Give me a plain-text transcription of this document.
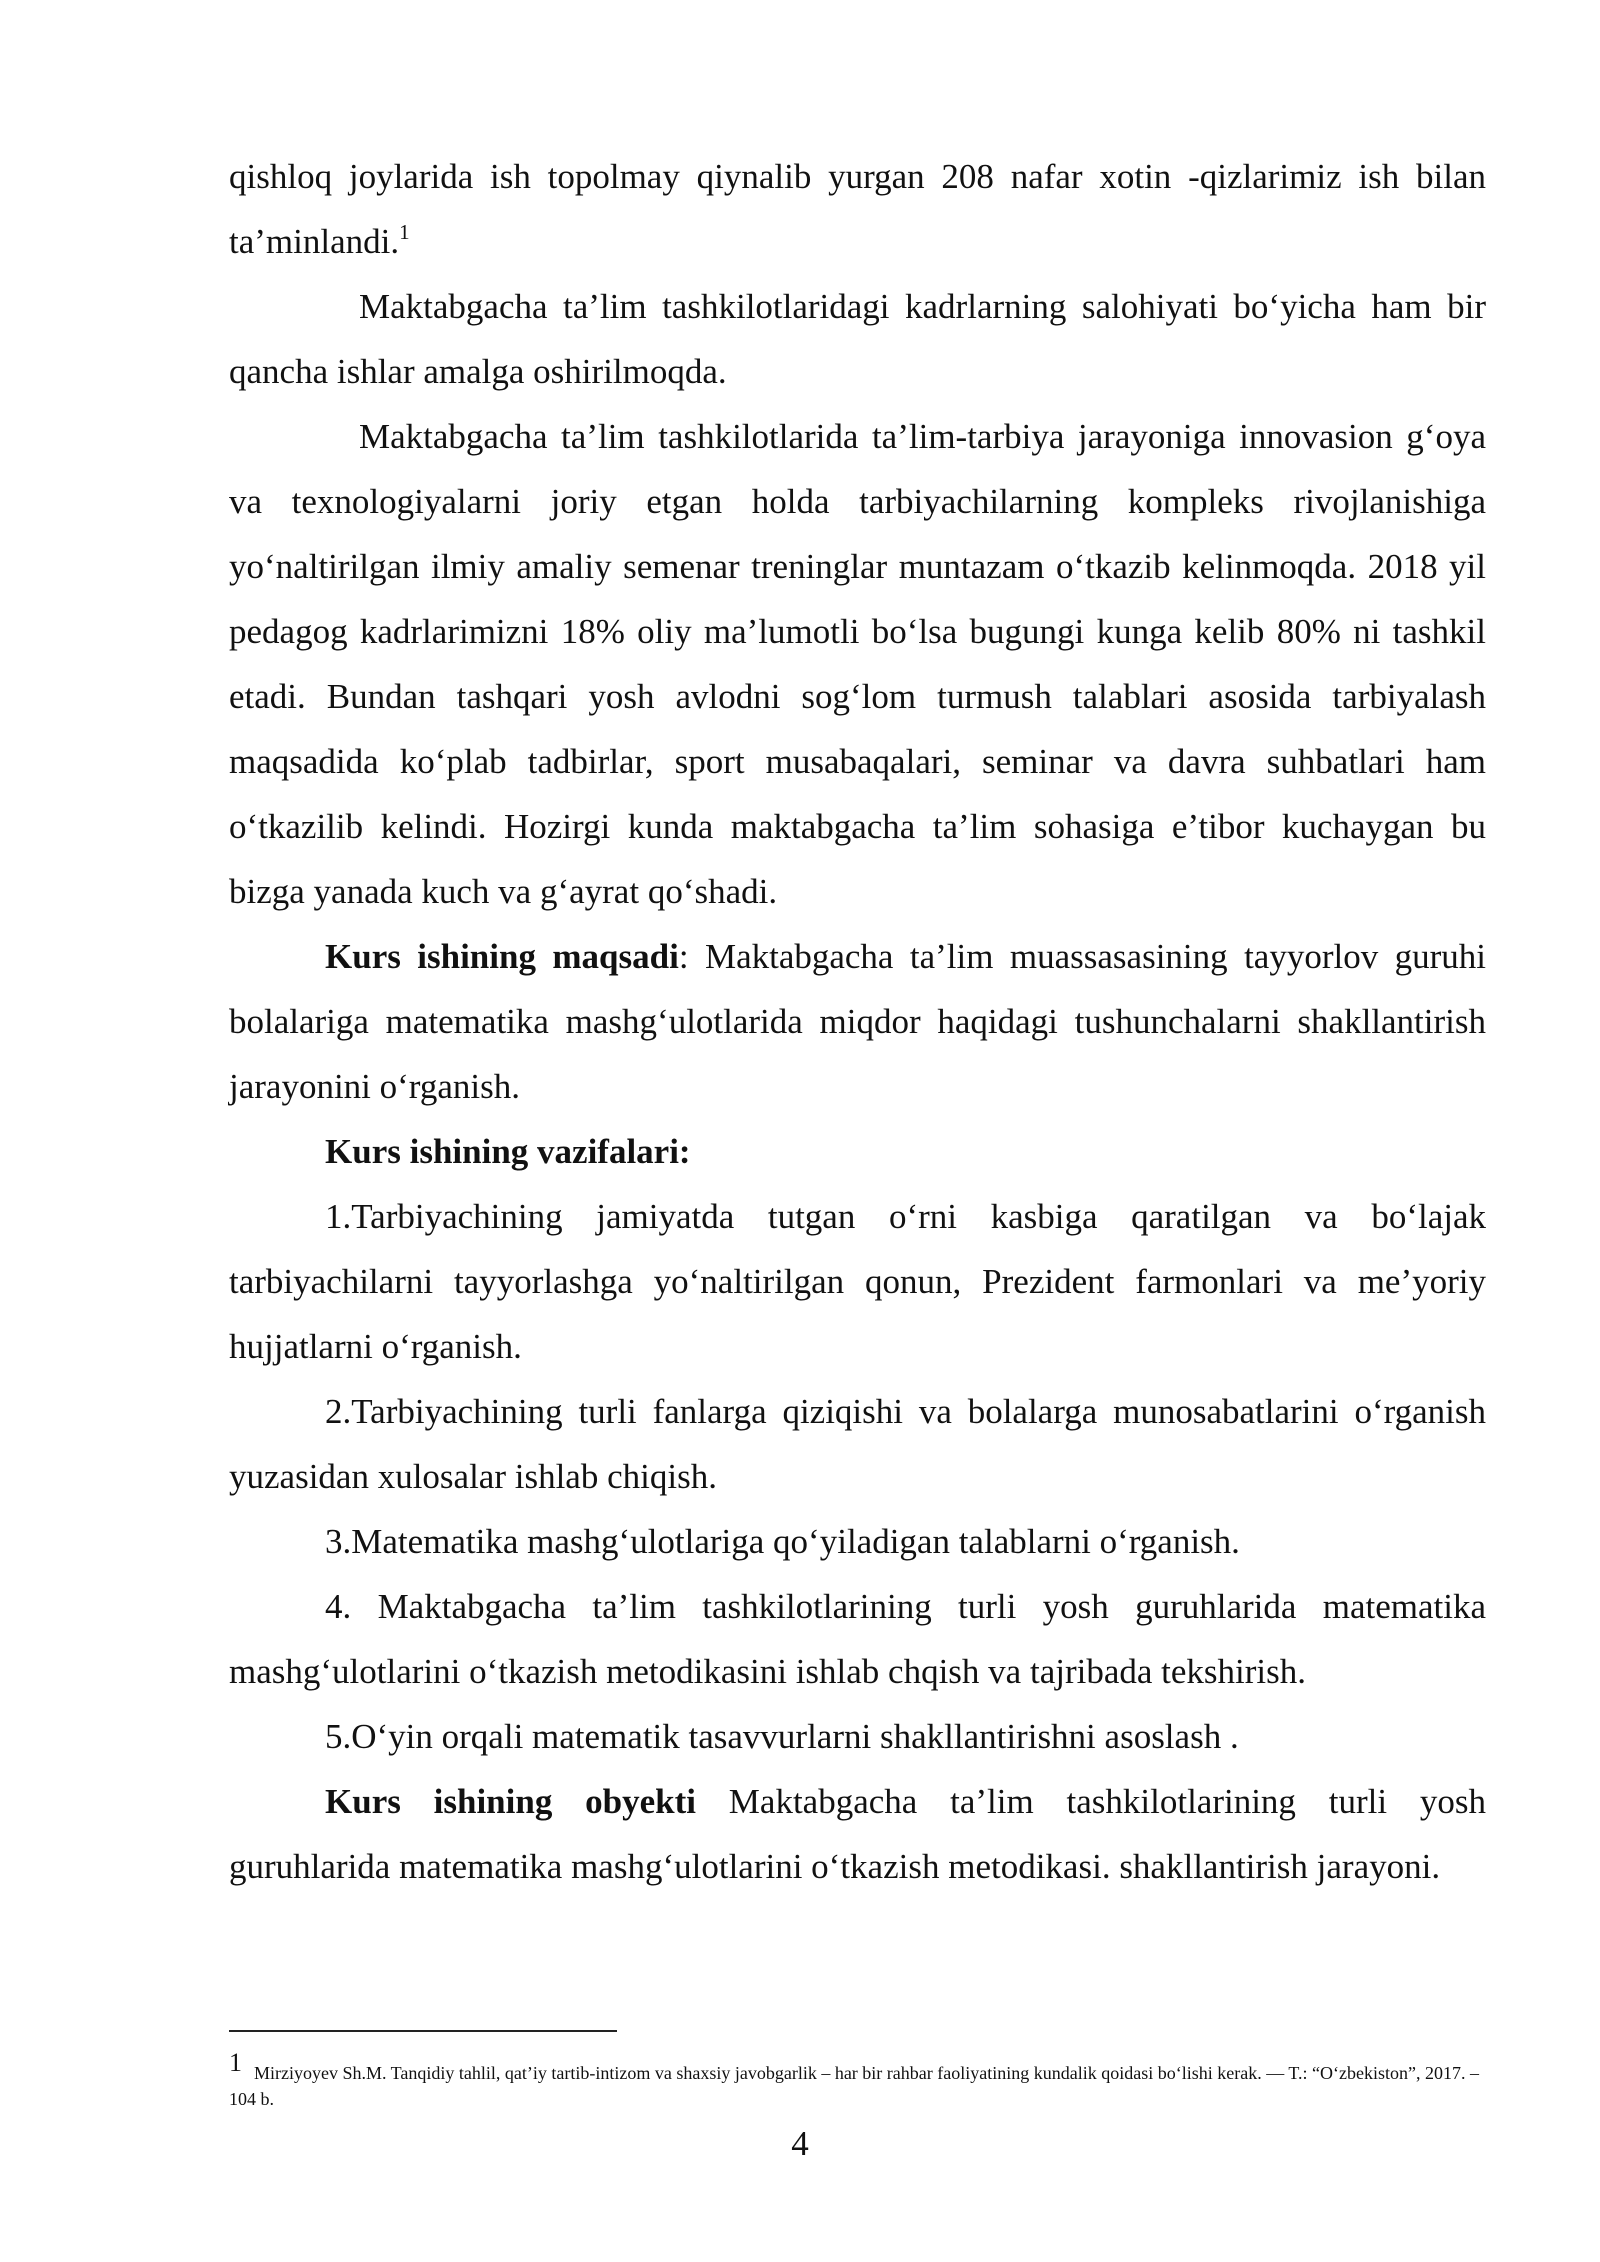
qishloq joylarida ish topolmay qiynalib yurgan 208 nafar xotin -qizlarimiz ish bilan ta’minlandi.$^1$

Maktabgacha ta’lim tashkilotlaridagi kadrlarning salohiyati bo‘yicha ham bir qancha ishlar amalga oshirilmoqda.

Maktabgacha ta’lim tashkilotlarida ta’lim-tarbiya jarayoniga innovasion g‘oya va texnologiyalarni joriy etgan holda tarbiyachilarning kompleks rivojlanishiga yo‘naltirilgan ilmiy amaliy semenar treninglar muntazam o‘tkazib kelinmoqda. 2018 yil pedagog kadrlarimizni 18% oliy ma’lumotli bo‘lsa bugungi kunga kelib 80% ni tashkil etadi. Bundan tashqari yosh avlodni sog‘lom turmush talablari asosida tarbiyalash maqsadida ko‘plab tadbirlar, sport musabaqalari, seminar va davra suhbatlari ham o‘tkazilib kelindi. Hozirgi kunda maktabgacha ta’lim sohasiga e’tibor kuchaygan bu bizga yanada kuch va g‘ayrat qo‘shadi.

Kurs ishining maqsadi: Maktabgacha ta’lim muassasasining tayyorlov guruhi bolalariga matematika mashg‘ulotlarida miqdor haqidagi tushunchalarni shakllantirish jarayonini o‘rganish.

Kurs ishining vazifalari:

1.Tarbiyachining jamiyatda tutgan o‘rni kasbiga qaratilgan va bo‘lajak tarbiyachilarni tayyorlashga yo‘naltirilgan qonun, Prezident farmonlari va me’yoriy hujjatlarni o‘rganish.

2.Tarbiyachining turli fanlarga qiziqishi va bolalarga munosabatlarini o‘rganish yuzasidan xulosalar ishlab chiqish.

3.Matematika mashg‘ulotlariga qo‘yiladigan talablarni o‘rganish.

4. Maktabgacha ta’lim tashkilotlarining turli yosh guruhlarida matematika mashg‘ulotlarini o‘tkazish metodikasini ishlab chqish va tajribada tekshirish.

5.O‘yin orqali matematik tasavvurlarni shakllantirishni asoslash .

Kurs ishining obyekti Maktabgacha ta’lim tashkilotlarining turli yosh guruhlarida matematika mashg‘ulotlarini o‘tkazish metodikasi. shakllantirish jarayoni.

1 Mirziyoyev Sh.M. Tanqidiy tahlil, qat’iy tartib-intizom va shaxsiy javobgarlik – har bir rahbar faoliyatining kundalik qoidasi bo‘lishi kerak. — T.: “O‘zbekiston”, 2017. – 104 b.
4
